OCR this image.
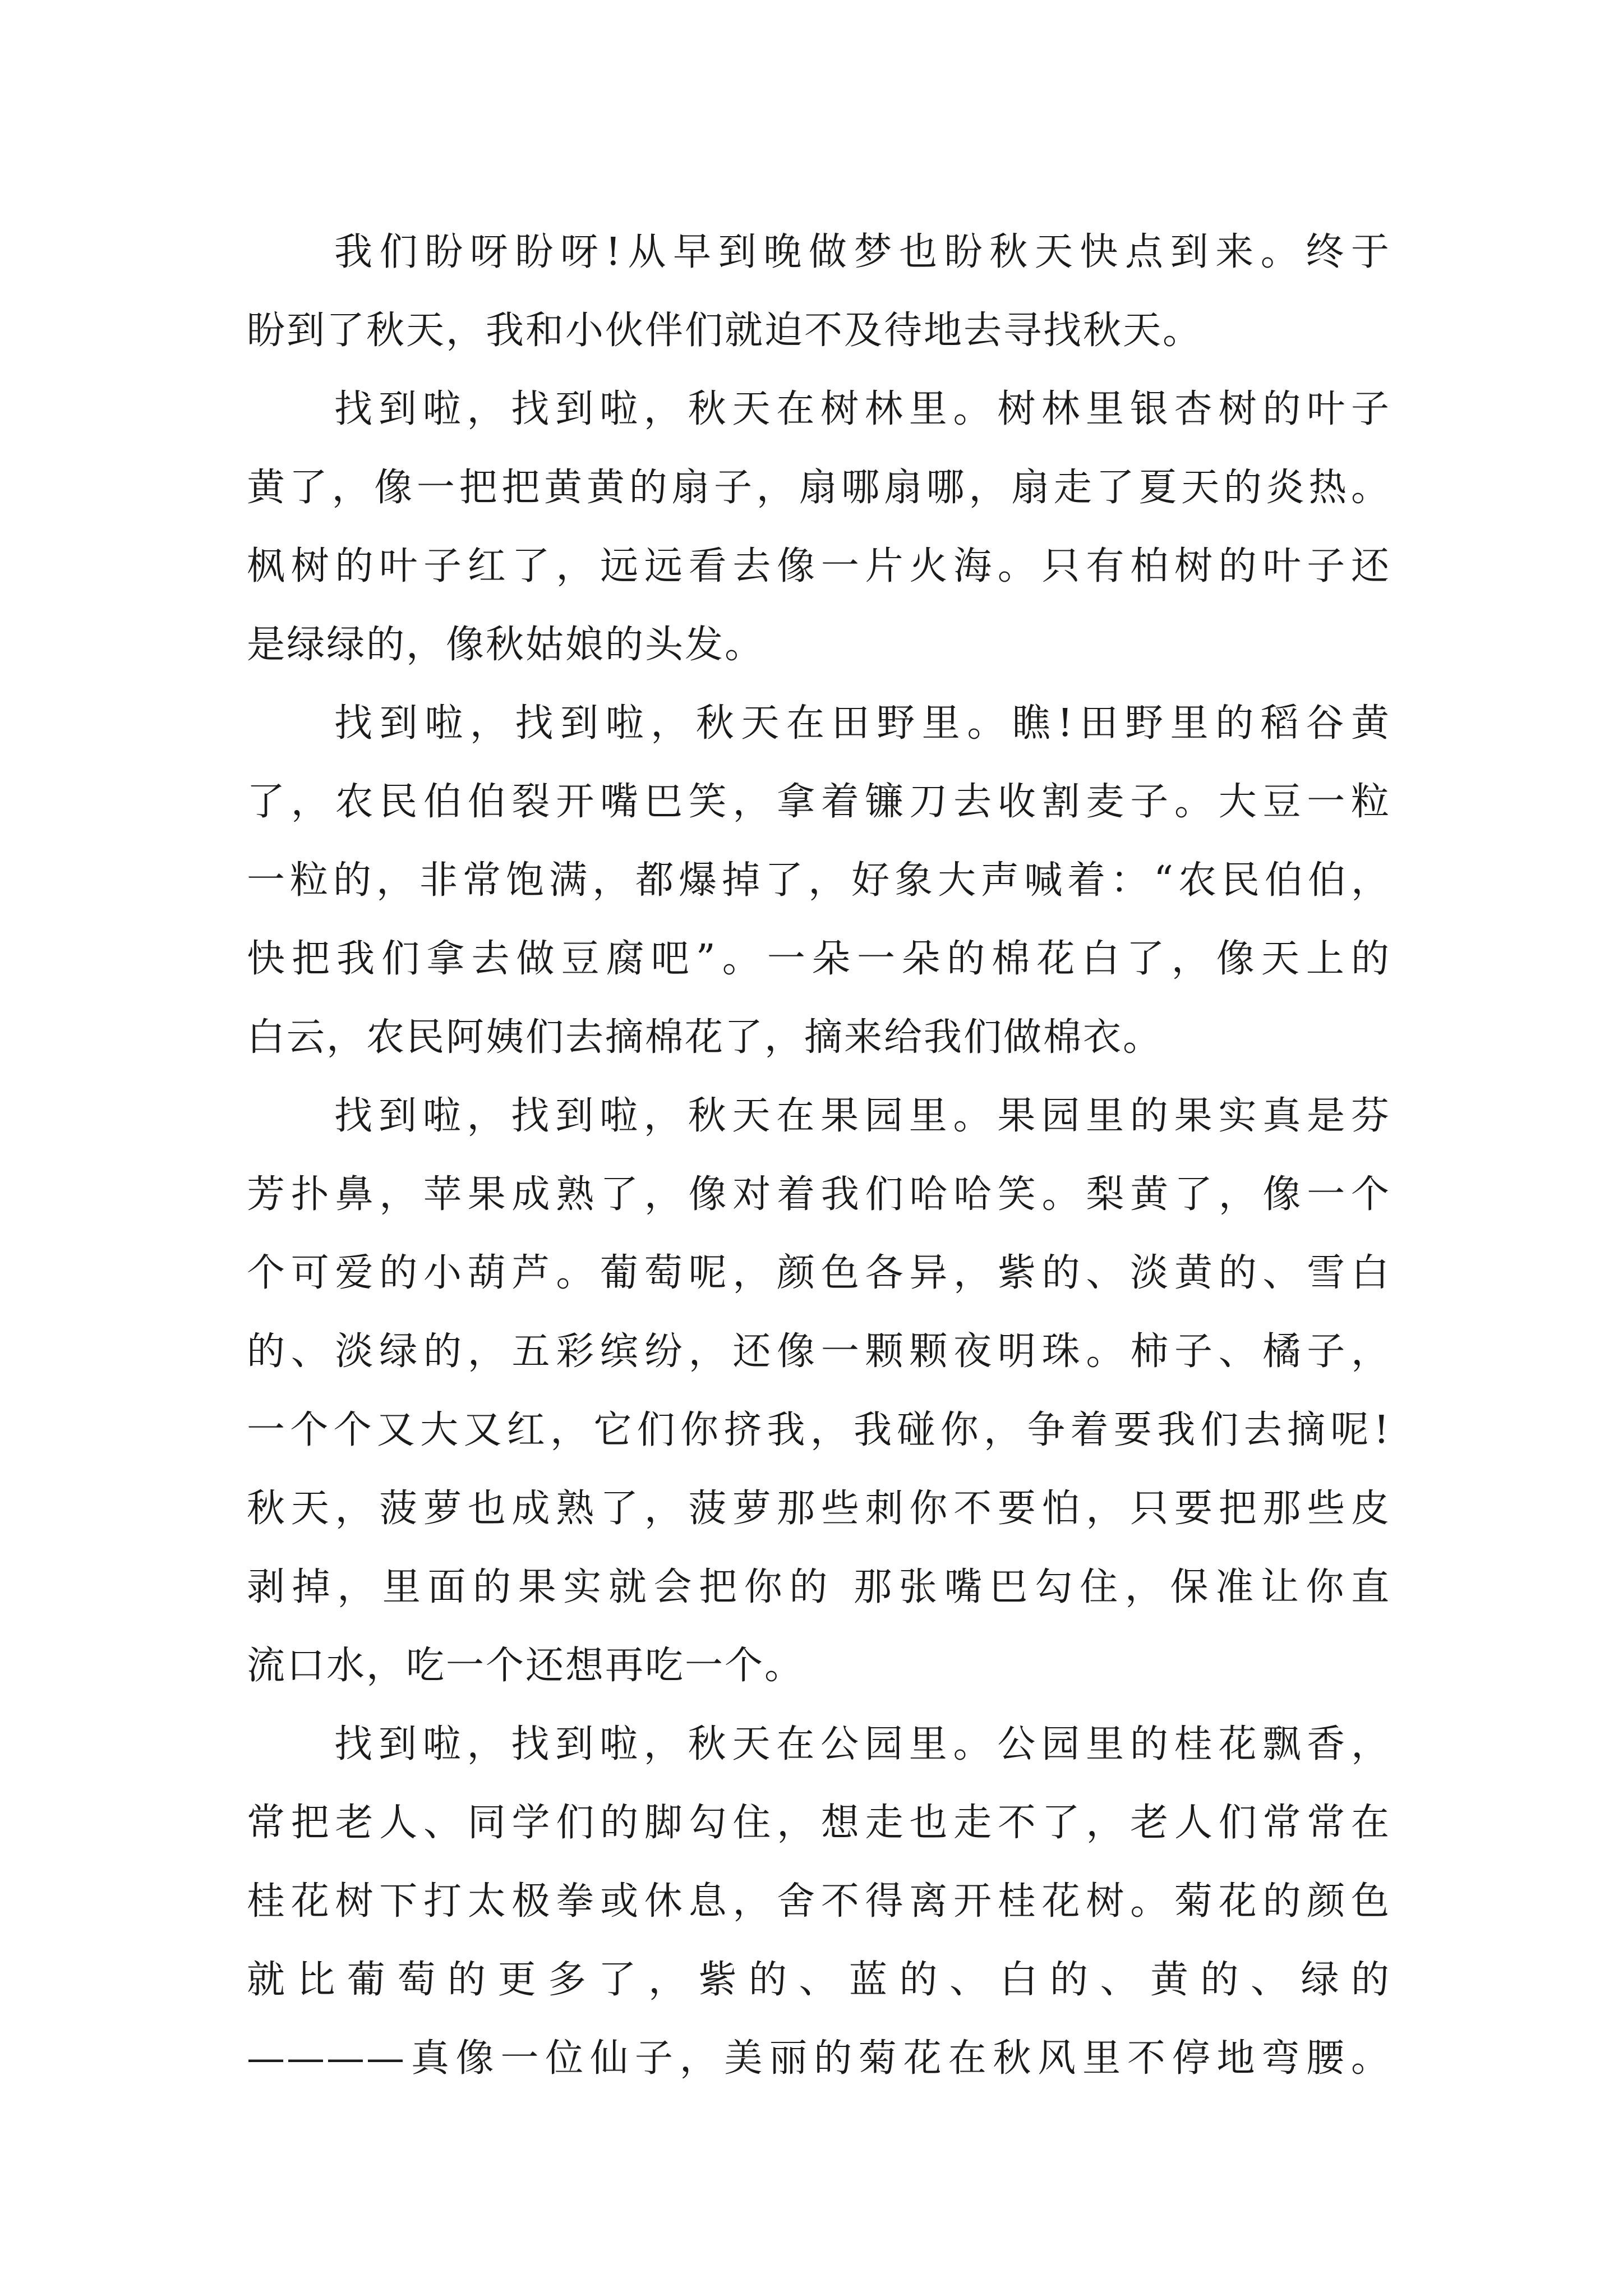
我们盼呀盼呀!从早到晚做梦也盼秋天快点到来。终于
盼到了秋天，我和小伙伴们就迫不及待地去寻找秋天。
找到啦，找到啦，秋天在树林里。树林里银杏树的叶子
黄了，像一把把黄黄的扇子，扇哪扇哪，扇走了夏天的炎热。
枫树的叶子红了，远远看去像一片火海。只有柏树的叶子还
是绿绿的，像秋姑娘的头发。
找到啦，找到啦，秋天在田野里。瞧!田野里的稻谷黄
了，农民伯伯裂开嘴巴笑，拿着镰刀去收割麦子。大豆一粒
一粒的，非常饱满，都爆掉了，好象大声喊着：“农民伯伯，
快把我们拿去做豆腐吧”。一朵一朵的棉花白了，像天上的
白云，农民阿姨们去摘棉花了，摘来给我们做棉衣。
找到啦，找到啦，秋天在果园里。果园里的果实真是芬
芳扑鼻，苹果成熟了，像对着我们哈哈笑。梨黄了，像一个
个可爱的小葫芦。葡萄呢，颜色各异，紫的、淡黄的、雪白
的、淡绿的，五彩缤纷，还像一颗颗夜明珠。柿子、橘子，
一个个又大又红，它们你挤我，我碰你，争着要我们去摘呢!
秋天，菠萝也成熟了，菠萝那些刺你不要怕，只要把那些皮
剥掉，里面的果实就会把你的 那张嘴巴勾住，保准让你直
流口水，吃一个还想再吃一个。
找到啦，找到啦，秋天在公园里。公园里的桂花飘香，
常把老人、同学们的脚勾住，想走也走不了，老人们常常在
桂花树下打太极拳或休息，舍不得离开桂花树。菊花的颜色
就比葡萄的更多了，紫的、蓝的、白的、黄的、绿的
————真像一位仙子，美丽的菊花在秋风里不停地弯腰。
